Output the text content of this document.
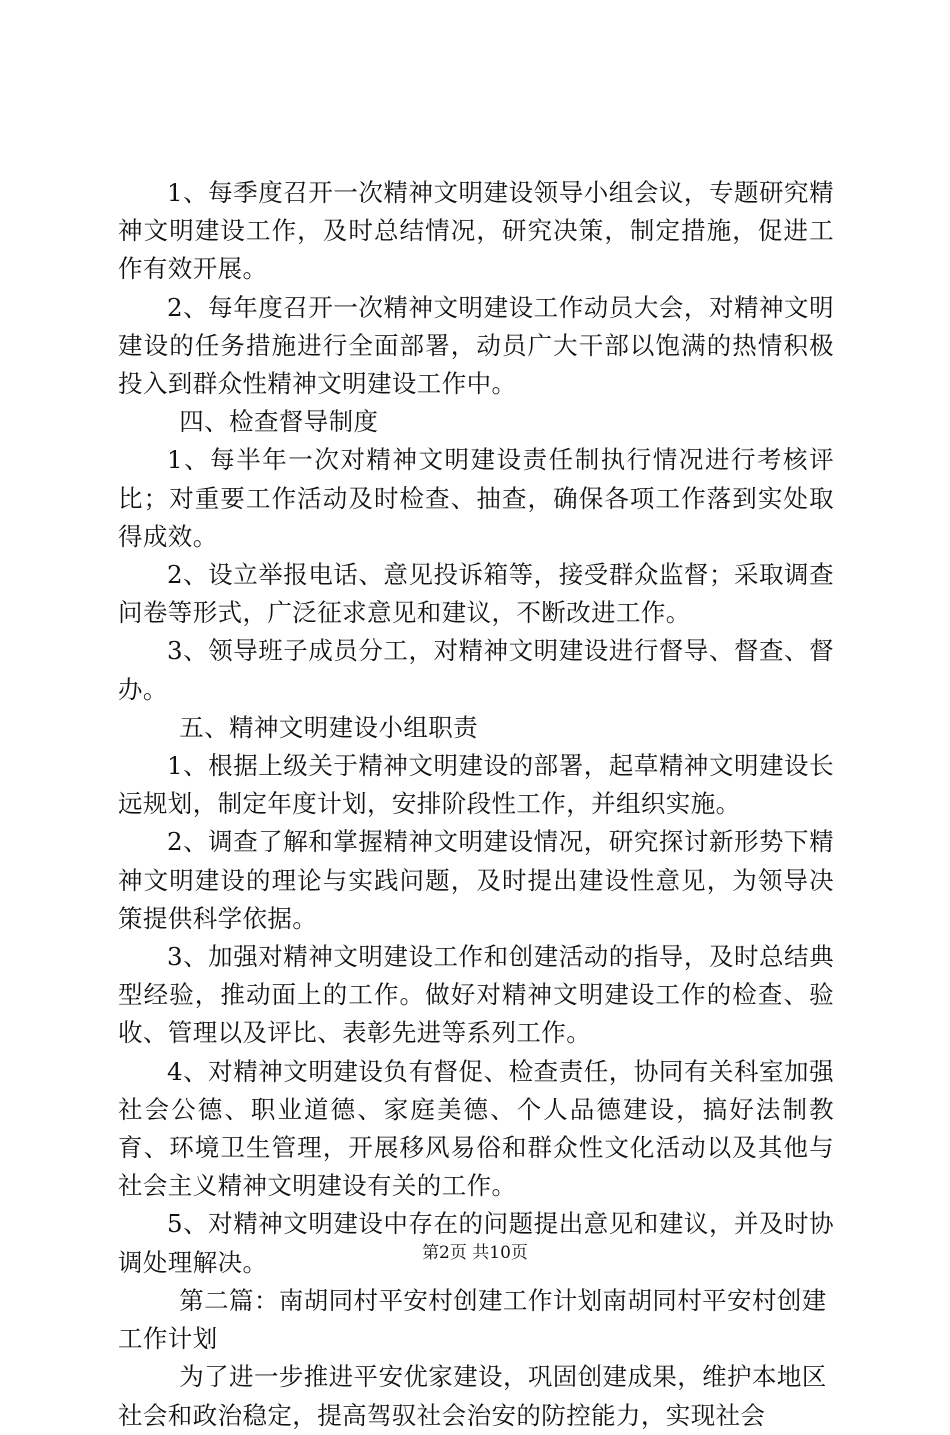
1、每季度召开一次精神文明建设领导小组会议，专题研究精神文明建设工作，及时总结情况，研究决策，制定措施，促进工作有效开展。

2、每年度召开一次精神文明建设工作动员大会，对精神文明建设的任务措施进行全面部署，动员广大干部以饱满的热情积极投入到群众性精神文明建设工作中。

四、检查督导制度

1、每半年一次对精神文明建设责任制执行情况进行考核评比；对重要工作活动及时检查、抽查，确保各项工作落到实处取得成效。

2、设立举报电话、意见投诉箱等，接受群众监督；采取调查问卷等形式，广泛征求意见和建议，不断改进工作。

3、领导班子成员分工，对精神文明建设进行督导、督查、督办。

五、精神文明建设小组职责

1、根据上级关于精神文明建设的部署，起草精神文明建设长远规划，制定年度计划，安排阶段性工作，并组织实施。

2、调查了解和掌握精神文明建设情况，研究探讨新形势下精神文明建设的理论与实践问题，及时提出建设性意见，为领导决策提供科学依据。

3、加强对精神文明建设工作和创建活动的指导，及时总结典型经验，推动面上的工作。做好对精神文明建设工作的检查、验收、管理以及评比、表彰先进等系列工作。

4、对精神文明建设负有督促、检查责任，协同有关科室加强社会公德、职业道德、家庭美德、个人品德建设，搞好法制教育、环境卫生管理，开展移风易俗和群众性文化活动以及其他与社会主义精神文明建设有关的工作。

5、对精神文明建设中存在的问题提出意见和建议，并及时协调处理解决。

第二篇：南胡同村平安村创建工作计划南胡同村平安村创建工作计划

为了进一步推进平安优家建设，巩固创建成果，维护本地区社会和政治稳定，提高驾驭社会治安的防控能力，实现社会

第2页 共10页
